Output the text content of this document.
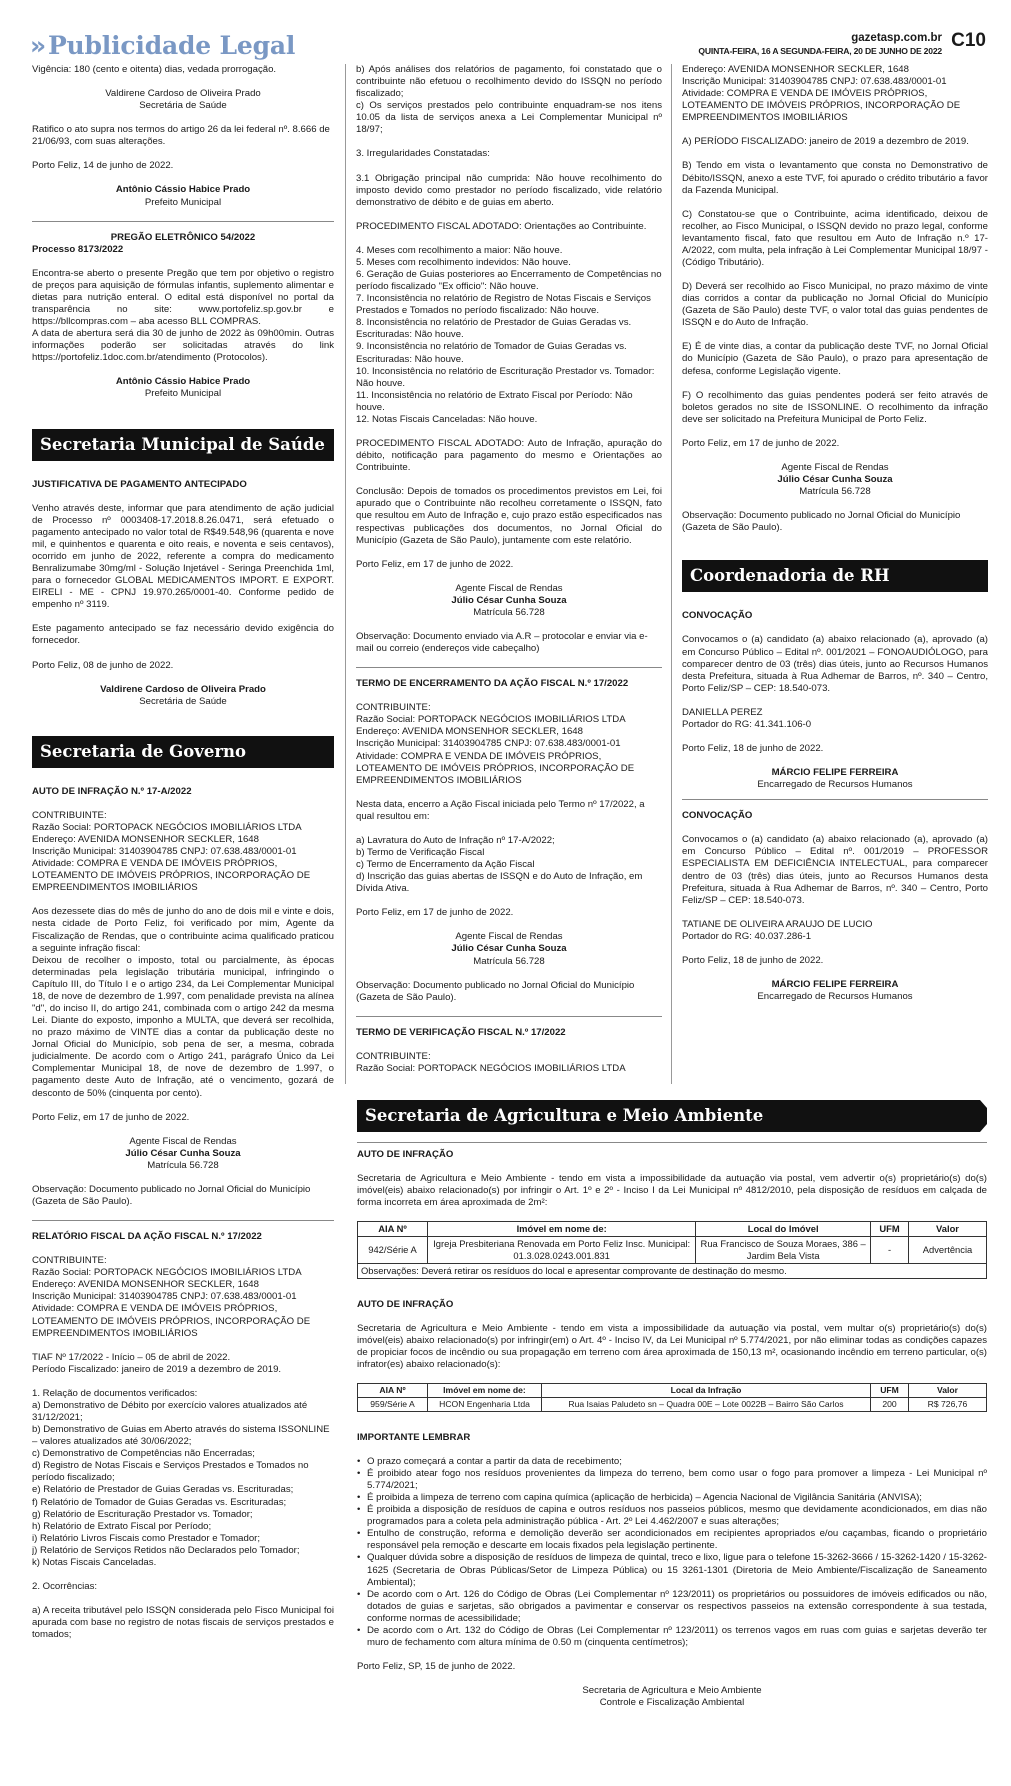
»Publicidade Legal	gazetasp.com.br
QUINTA-FEIRA, 16 A SEGUNDA-FEIRA, 20 DE JUNHO DE 2022 C10

Vigência: 180 (cento e oitenta) dias, vedada prorrogação.

Valdirene Cardoso de Oliveira Prado
Secretária de Saúde

Ratifico o ato supra nos termos do artigo 26 da lei federal nº. 8.666 de 21/06/93, com suas alterações.

Porto Feliz, 14 de junho de 2022.

Antônio Cássio Habice Prado
Prefeito Municipal
PREGÃO ELETRÔNICO 54/2022

Processo 8173/2022

Encontra-se aberto o presente Pregão que tem por objetivo o registro de preços para aquisição de fórmulas infantis, suplemento alimentar e dietas para nutrição enteral. O edital está disponível no portal da transparência no site: www.portofeliz.sp.gov.br e https://bllcompras.com – aba acesso BLL COMPRAS.

A data de abertura será dia 30 de junho de 2022 às 09h00min. Outras informações poderão ser solicitadas através do link https://portofeliz.1doc.com.br/atendimento (Protocolos).

Antônio Cássio Habice Prado
Prefeito Municipal
Secretaria Municipal de Saúde

JUSTIFICATIVA DE PAGAMENTO ANTECIPADO

Venho através deste, informar que para atendimento de ação judicial de Processo nº 0003408-17.2018.8.26.0471, será efetuado o pagamento antecipado no valor total de R$49.548,96 (quarenta e nove mil, e quinhentos e quarenta e oito reais, e noventa e seis centavos), ocorrido em junho de 2022, referente a compra do medicamento Benralizumabe 30mg/ml - Solução Injetável - Seringa Preenchida 1ml, para o fornecedor GLOBAL MEDICAMENTOS IMPORT. E EXPORT. EIRELI - ME - CPNJ 19.970.265/0001-40. Conforme pedido de empenho nº 3119.

Este pagamento antecipado se faz necessário devido exigência do fornecedor.

Porto Feliz, 08 de junho de 2022.

Valdirene Cardoso de Oliveira Prado
Secretária de Saúde
Secretaria de Governo

AUTO DE INFRAÇÃO N.º 17-A/2022

CONTRIBUINTE:
Razão Social: PORTOPACK NEGÓCIOS IMOBILIÁRIOS LTDA
Endereço: AVENIDA MONSENHOR SECKLER, 1648
Inscrição Municipal: 31403904785 CNPJ: 07.638.483/0001-01
Atividade: COMPRA E VENDA DE IMÓVEIS PRÓPRIOS, LOTEAMENTO DE IMÓVEIS PRÓPRIOS, INCORPORAÇÃO DE EMPREENDIMENTOS IMOBILIÁRIOS

Aos dezessete dias do mês de junho do ano de dois mil e vinte e dois, nesta cidade de Porto Feliz, foi verificado por mim, Agente da Fiscalização de Rendas, que o contribuinte acima qualificado praticou a seguinte infração fiscal:

Deixou de recolher o imposto, total ou parcialmente, às épocas determinadas pela legislação tributária municipal, infringindo o Capítulo III, do Título I e o artigo 234, da Lei Complementar Municipal 18, de nove de dezembro de 1.997, com penalidade prevista na alínea "d", do inciso II, do artigo 241, combinada com o artigo 242 da mesma Lei. Diante do exposto, imponho a MULTA, que deverá ser recolhida, no prazo máximo de VINTE dias a contar da publicação deste no Jornal Oficial do Município, sob pena de ser, a mesma, cobrada judicialmente. De acordo com o Artigo 241, parágrafo Único da Lei Complementar Municipal 18, de nove de dezembro de 1.997, o pagamento deste Auto de Infração, até o vencimento, gozará de desconto de 50% (cinquenta por cento).

Porto Feliz, em 17 de junho de 2022.

Agente Fiscal de Rendas
Júlio César Cunha Souza
Matrícula 56.728

Observação: Documento publicado no Jornal Oficial do Município (Gazeta de São Paulo).

RELATÓRIO FISCAL DA AÇÃO FISCAL N.º 17/2022

CONTRIBUINTE:
Razão Social: PORTOPACK NEGÓCIOS IMOBILIÁRIOS LTDA
Endereço: AVENIDA MONSENHOR SECKLER, 1648
Inscrição Municipal: 31403904785 CNPJ: 07.638.483/0001-01
Atividade: COMPRA E VENDA DE IMÓVEIS PRÓPRIOS, LOTEAMENTO DE IMÓVEIS PRÓPRIOS, INCORPORAÇÃO DE EMPREENDIMENTOS IMOBILIÁRIOS
TIAF Nº 17/2022 - Início – 05 de abril de 2022.
Período Fiscalizado: janeiro de 2019 a dezembro de 2019.
1. Relação de documentos verificados:
a) Demonstrativo de Débito por exercício valores atualizados até 31/12/2021;
b) Demonstrativo de Guias em Aberto através do sistema ISSONLINE – valores atualizados até 30/06/2022;
c) Demonstrativo de Competências não Encerradas;
d) Registro de Notas Fiscais e Serviços Prestados e Tomados no período fiscalizado;
e) Relatório de Prestador de Guias Geradas vs. Escrituradas;
f) Relatório de Tomador de Guias Geradas vs. Escrituradas;
g) Relatório de Escrituração Prestador vs. Tomador;
h) Relatório de Extrato Fiscal por Período;
i) Relatório Livros Fiscais como Prestador e Tomador;
j) Relatório de Serviços Retidos não Declarados pelo Tomador;
k) Notas Fiscais Canceladas.

2. Ocorrências:

a) A receita tributável pelo ISSQN considerada pelo Fisco Municipal foi apurada com base no registro de notas fiscais de serviços prestados e tomados;

b) Após análises dos relatórios de pagamento, foi constatado que o contribuinte não efetuou o recolhimento devido do ISSQN no período fiscalizado;

c) Os serviços prestados pelo contribuinte enquadram-se nos itens 10.05 da lista de serviços anexa a Lei Complementar Municipal nº 18/97;

3. Irregularidades Constatadas:

3.1 Obrigação principal não cumprida: Não houve recolhimento do imposto devido como prestador no período fiscalizado, vide relatório demonstrativo de débito e de guias em aberto.

PROCEDIMENTO FISCAL ADOTADO: Orientações ao Contribuinte.

4. Meses com recolhimento a maior: Não houve.
5. Meses com recolhimento indevidos: Não houve.
6. Geração de Guias posteriores ao Encerramento de Competências no período fiscalizado "Ex officio": Não houve.
7. Inconsistência no relatório de Registro de Notas Fiscais e Serviços Prestados e Tomados no período fiscalizado: Não houve.
8. Inconsistência no relatório de Prestador de Guias Geradas vs. Escrituradas: Não houve.
9. Inconsistência no relatório de Tomador de Guias Geradas vs. Escrituradas: Não houve.
10. Inconsistência no relatório de Escrituração Prestador vs. Tomador: Não houve.
11. Inconsistência no relatório de Extrato Fiscal por Período: Não houve.
12. Notas Fiscais Canceladas: Não houve.

PROCEDIMENTO FISCAL ADOTADO: Auto de Infração, apuração do débito, notificação para pagamento do mesmo e Orientações ao Contribuinte.

Conclusão: Depois de tomados os procedimentos previstos em Lei, foi apurado que o Contribuinte não recolheu corretamente o ISSQN, fato que resultou em Auto de Infração e, cujo prazo estão especificados nas respectivas publicações dos documentos, no Jornal Oficial do Município (Gazeta de São Paulo), juntamente com este relatório.

Porto Feliz, em 17 de junho de 2022.

Agente Fiscal de Rendas
Júlio César Cunha Souza
Matrícula 56.728

Observação: Documento enviado via A.R – protocolar e enviar via e-mail ou correio (endereços vide cabeçalho)

TERMO DE ENCERRAMENTO DA AÇÃO FISCAL N.º 17/2022

CONTRIBUINTE:
Razão Social: PORTOPACK NEGÓCIOS IMOBILIÁRIOS LTDA
Endereço: AVENIDA MONSENHOR SECKLER, 1648
Inscrição Municipal: 31403904785 CNPJ: 07.638.483/0001-01
Atividade: COMPRA E VENDA DE IMÓVEIS PRÓPRIOS, LOTEAMENTO DE IMÓVEIS PRÓPRIOS, INCORPORAÇÃO DE EMPREENDIMENTOS IMOBILIÁRIOS

Nesta data, encerro a Ação Fiscal iniciada pelo Termo nº 17/2022, a qual resultou em:

a) Lavratura do Auto de Infração nº 17-A/2022;
b) Termo de Verificação Fiscal
c) Termo de Encerramento da Ação Fiscal
d) Inscrição das guias abertas de ISSQN e do Auto de Infração, em Dívida Ativa.

Porto Feliz, em 17 de junho de 2022.

Agente Fiscal de Rendas
Júlio César Cunha Souza
Matrícula 56.728

Observação: Documento publicado no Jornal Oficial do Município (Gazeta de São Paulo).

TERMO DE VERIFICAÇÃO FISCAL N.º 17/2022

CONTRIBUINTE:
Razão Social: PORTOPACK NEGÓCIOS IMOBILIÁRIOS LTDA
Endereço: AVENIDA MONSENHOR SECKLER, 1648
Inscrição Municipal: 31403904785 CNPJ: 07.638.483/0001-01
Atividade: COMPRA E VENDA DE IMÓVEIS PRÓPRIOS, LOTEAMENTO DE IMÓVEIS PRÓPRIOS, INCORPORAÇÃO DE EMPREENDIMENTOS IMOBILIÁRIOS

A) PERÍODO FISCALIZADO: janeiro de 2019 a dezembro de 2019.

B) Tendo em vista o levantamento que consta no Demonstrativo de Débito/ISSQN, anexo a este TVF, foi apurado o crédito tributário a favor da Fazenda Municipal.

C) Constatou-se que o Contribuinte, acima identificado, deixou de recolher, ao Fisco Municipal, o ISSQN devido no prazo legal, conforme levantamento fiscal, fato que resultou em Auto de Infração n.º 17-A/2022, com multa, pela infração à Lei Complementar Municipal 18/97 - (Código Tributário).

D) Deverá ser recolhido ao Fisco Municipal, no prazo máximo de vinte dias corridos a contar da publicação no Jornal Oficial do Município (Gazeta de São Paulo) deste TVF, o valor total das guias pendentes de ISSQN e do Auto de Infração.

E) É de vinte dias, a contar da publicação deste TVF, no Jornal Oficial do Município (Gazeta de São Paulo), o prazo para apresentação de defesa, conforme Legislação vigente.

F) O recolhimento das guias pendentes poderá ser feito através de boletos gerados no site de ISSONLINE. O recolhimento da infração deve ser solicitado na Prefeitura Municipal de Porto Feliz.

Porto Feliz, em 17 de junho de 2022.

Agente Fiscal de Rendas
Júlio César Cunha Souza
Matrícula 56.728

Observação: Documento publicado no Jornal Oficial do Município (Gazeta de São Paulo).

Coordenadoria de RH

CONVOCAÇÃO

Convocamos o (a) candidato (a) abaixo relacionado (a), aprovado (a) em Concurso Público – Edital nº. 001/2021 – FONOAUDIÓLOGO, para comparecer dentro de 03 (três) dias úteis, junto ao Recursos Humanos desta Prefeitura, situada à Rua Adhemar de Barros, nº. 340 – Centro, Porto Feliz/SP – CEP: 18.540-073.

DANIELLA PEREZ
Portador do RG: 41.341.106-0

Porto Feliz, 18 de junho de 2022.

MÁRCIO FELIPE FERREIRA
Encarregado de Recursos Humanos

CONVOCAÇÃO

Convocamos o (a) candidato (a) abaixo relacionado (a), aprovado (a) em Concurso Público – Edital nº. 001/2019 – PROFESSOR ESPECIALISTA EM DEFICIÊNCIA INTELECTUAL, para comparecer dentro de 03 (três) dias úteis, junto ao Recursos Humanos desta Prefeitura, situada à Rua Adhemar de Barros, nº. 340 – Centro, Porto Feliz/SP – CEP: 18.540-073.

TATIANE DE OLIVEIRA ARAUJO DE LUCIO
Portador do RG: 40.037.286-1

Porto Feliz, 18 de junho de 2022.

MÁRCIO FELIPE FERREIRA
Encarregado de Recursos Humanos
Secretaria de Agricultura e Meio Ambiente

AUTO DE INFRAÇÃO

Secretaria de Agricultura e Meio Ambiente - tendo em vista a impossibilidade da autuação via postal, vem advertir o(s) proprietário(s) do(s) imóvel(eis) abaixo relacionado(s) por infringir o Art. 1º e 2º - Inciso I da Lei Municipal nº 4812/2010, pela disposição de resíduos em calçada de forma incorreta em área aproximada de 2m²:

AIA Nº	Imóvel em nome de:	Local do Imóvel	UFM	Valor
942/Série A	Igreja Presbiteriana Renovada em Porto Feliz Insc. Municipal: 01.3.028.0243.001.831	Rua Francisco de Souza Moraes, 386 – Jardim Bela Vista	-	Advertência
Observações: Deverá retirar os resíduos do local e apresentar comprovante de destinação do mesmo.				

AUTO DE INFRAÇÃO

Secretaria de Agricultura e Meio Ambiente - tendo em vista a impossibilidade da autuação via postal, vem multar o(s) proprietário(s) do(s) imóvel(eis) abaixo relacionado(s) por infringir(em) o Art. 4º - Inciso IV, da Lei Municipal nº 5.774/2021, por não eliminar todas as condições capazes de propiciar focos de incêndio ou sua propagação em terreno com área aproximada de 150,13 m², ocasionando incêndio em terreno particular, o(s) infrator(es) abaixo relacionado(s):

AIA Nº	Imóvel em nome de:	Local da Infração	UFM	Valor
959/Série A	HCON Engenharia Ltda	Rua Isaias Paludeto sn – Quadra 00E – Lote 0022B – Bairro São Carlos	200	R$ 726,76

IMPORTANTE LEMBRAR

• O prazo começará a contar a partir da data de recebimento;
• É proibido atear fogo nos resíduos provenientes da limpeza do terreno, bem como usar o fogo para promover a limpeza - Lei Municipal nº 5.774/2021;
• É proibida a limpeza de terreno com capina química (aplicação de herbicida) – Agencia Nacional de Vigilância Sanitária (ANVISA);
• É proibida a disposição de resíduos de capina e outros resíduos nos passeios públicos, mesmo que devidamente acondicionados, em dias não programados para a coleta pela administração pública - Art. 2º Lei 4.462/2007 e suas alterações;
• Entulho de construção, reforma e demolição deverão ser acondicionados em recipientes apropriados e/ou caçambas, ficando o proprietário responsável pela remoção e descarte em locais fixados pela legislação pertinente.
• Qualquer dúvida sobre a disposição de resíduos de limpeza de quintal, treco e lixo, ligue para o telefone 15-3262-3666 / 15-3262-1420 / 15-3262-1625 (Secretaria de Obras Públicas/Setor de Limpeza Pública) ou 15 3261-1301 (Diretoria de Meio Ambiente/Fiscalização de Saneamento Ambiental);
• De acordo com o Art. 126 do Código de Obras (Lei Complementar nº 123/2011) os proprietários ou possuidores de imóveis edificados ou não, dotados de guias e sarjetas, são obrigados a pavimentar e conservar os respectivos passeios na extensão correspondente à sua testada, conforme normas de acessibilidade;
• De acordo com o Art. 132 do Código de Obras (Lei Complementar nº 123/2011) os terrenos vagos em ruas com guias e sarjetas deverão ter muro de fechamento com altura mínima de 0.50 m (cinquenta centímetros);

Porto Feliz, SP, 15 de junho de 2022.

Secretaria de Agricultura e Meio Ambiente
Controle e Fiscalização Ambiental
